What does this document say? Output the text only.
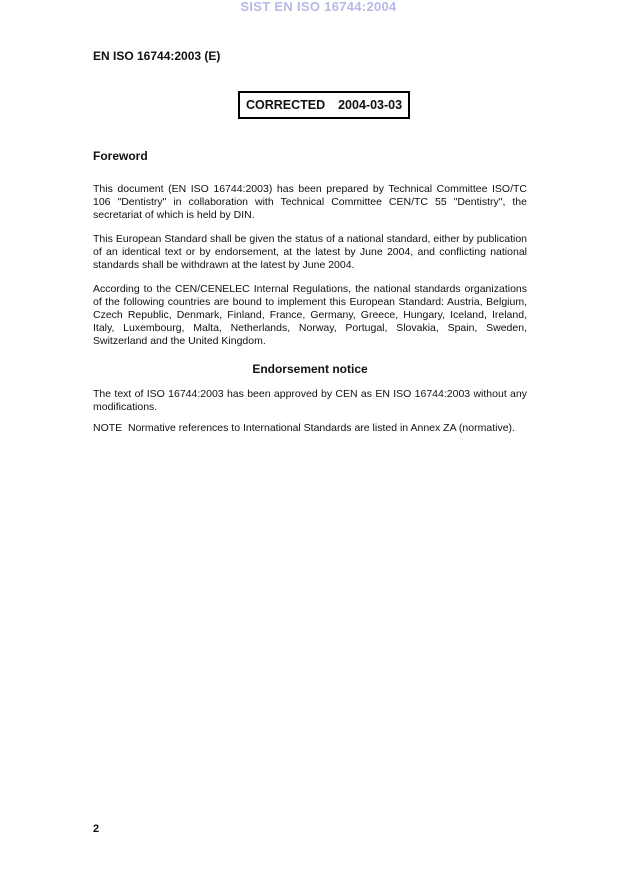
SIST EN ISO 16744:2004
EN ISO 16744:2003 (E)
CORRECTED 2004-03-03
Foreword

This document (EN ISO 16744:2003) has been prepared by Technical Committee ISO/TC 106 "Dentistry" in collaboration with Technical Committee CEN/TC 55 "Dentistry", the secretariat of which is held by DIN.

This European Standard shall be given the status of a national standard, either by publication of an identical text or by endorsement, at the latest by June 2004, and conflicting national standards shall be withdrawn at the latest by June 2004.

According to the CEN/CENELEC Internal Regulations, the national standards organizations of the following countries are bound to implement this European Standard: Austria, Belgium, Czech Republic, Denmark, Finland, France, Germany, Greece, Hungary, Iceland, Ireland, Italy, Luxembourg, Malta, Netherlands, Norway, Portugal, Slovakia, Spain, Sweden, Switzerland and the United Kingdom.

Endorsement notice

The text of ISO 16744:2003 has been approved by CEN as EN ISO 16744:2003 without any modifications.

NOTE  Normative references to International Standards are listed in Annex ZA (normative).

2
